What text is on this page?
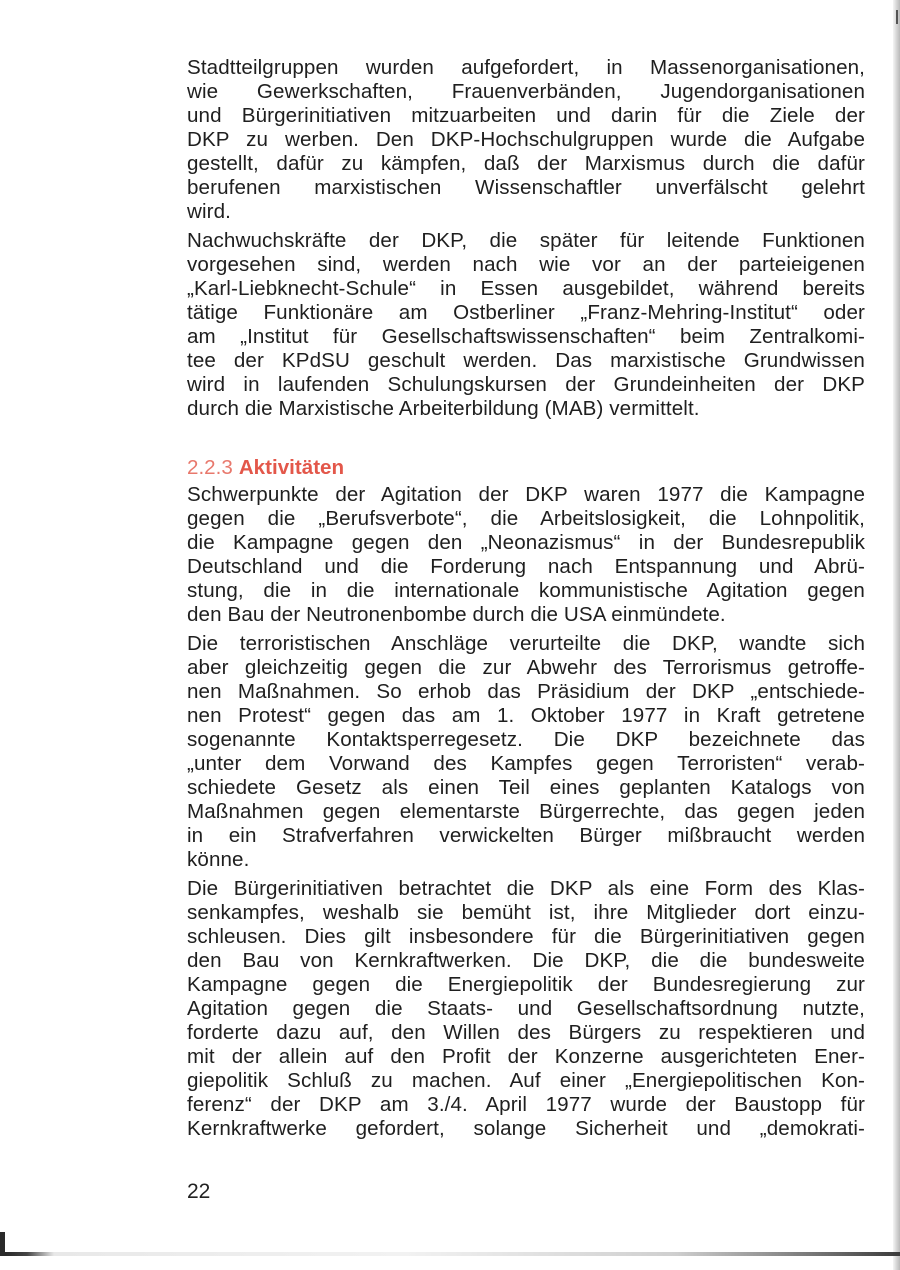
Stadtteilgruppen wurden aufgefordert, in Massenorganisationen,

wie Gewerkschaften, Frauenverbänden, Jugendorganisationen

und Bürgerinitiativen mitzuarbeiten und darin für die Ziele der

DKP zu werben. Den DKP-Hochschulgruppen wurde die Aufgabe

gestellt, dafür zu kämpfen, daß der Marxismus durch die dafür

berufenen marxistischen Wissenschaftler unverfälscht gelehrt

wird.

Nachwuchskräfte der DKP, die später für leitende Funktionen

vorgesehen sind, werden nach wie vor an der parteieigenen

„Karl-Liebknecht-Schule“ in Essen ausgebildet, während bereits

tätige Funktionäre am Ostberliner „Franz-Mehring-Institut“ oder

am „Institut für Gesellschaftswissenschaften“ beim Zentralkomi-

tee der KPdSU geschult werden. Das marxistische Grundwissen

wird in laufenden Schulungskursen der Grundeinheiten der DKP

durch die Marxistische Arbeiterbildung (MAB) vermittelt.

2.2.3 Aktivitäten

Schwerpunkte der Agitation der DKP waren 1977 die Kampagne

gegen die „Berufsverbote“, die Arbeitslosigkeit, die Lohnpolitik,

die Kampagne gegen den „Neonazismus“ in der Bundesrepublik

Deutschland und die Forderung nach Entspannung und Abrü-

stung, die in die internationale kommunistische Agitation gegen

den Bau der Neutronenbombe durch die USA einmündete.

Die terroristischen Anschläge verurteilte die DKP, wandte sich

aber gleichzeitig gegen die zur Abwehr des Terrorismus getroffe-

nen Maßnahmen. So erhob das Präsidium der DKP „entschiede-

nen Protest“ gegen das am 1. Oktober 1977 in Kraft getretene

sogenannte Kontaktsperregesetz. Die DKP bezeichnete das

„unter dem Vorwand des Kampfes gegen Terroristen“ verab-

schiedete Gesetz als einen Teil eines geplanten Katalogs von

Maßnahmen gegen elementarste Bürgerrechte, das gegen jeden

in ein Strafverfahren verwickelten Bürger mißbraucht werden

könne.

Die Bürgerinitiativen betrachtet die DKP als eine Form des Klas-

senkampfes, weshalb sie bemüht ist, ihre Mitglieder dort einzu-

schleusen. Dies gilt insbesondere für die Bürgerinitiativen gegen

den Bau von Kernkraftwerken. Die DKP, die die bundesweite

Kampagne gegen die Energiepolitik der Bundesregierung zur

Agitation gegen die Staats- und Gesellschaftsordnung nutzte,

forderte dazu auf, den Willen des Bürgers zu respektieren und

mit der allein auf den Profit der Konzerne ausgerichteten Ener-

giepolitik Schluß zu machen. Auf einer „Energiepolitischen Kon-

ferenz“ der DKP am 3./4. April 1977 wurde der Baustopp für

Kernkraftwerke gefordert, solange Sicherheit und „demokrati-

22
